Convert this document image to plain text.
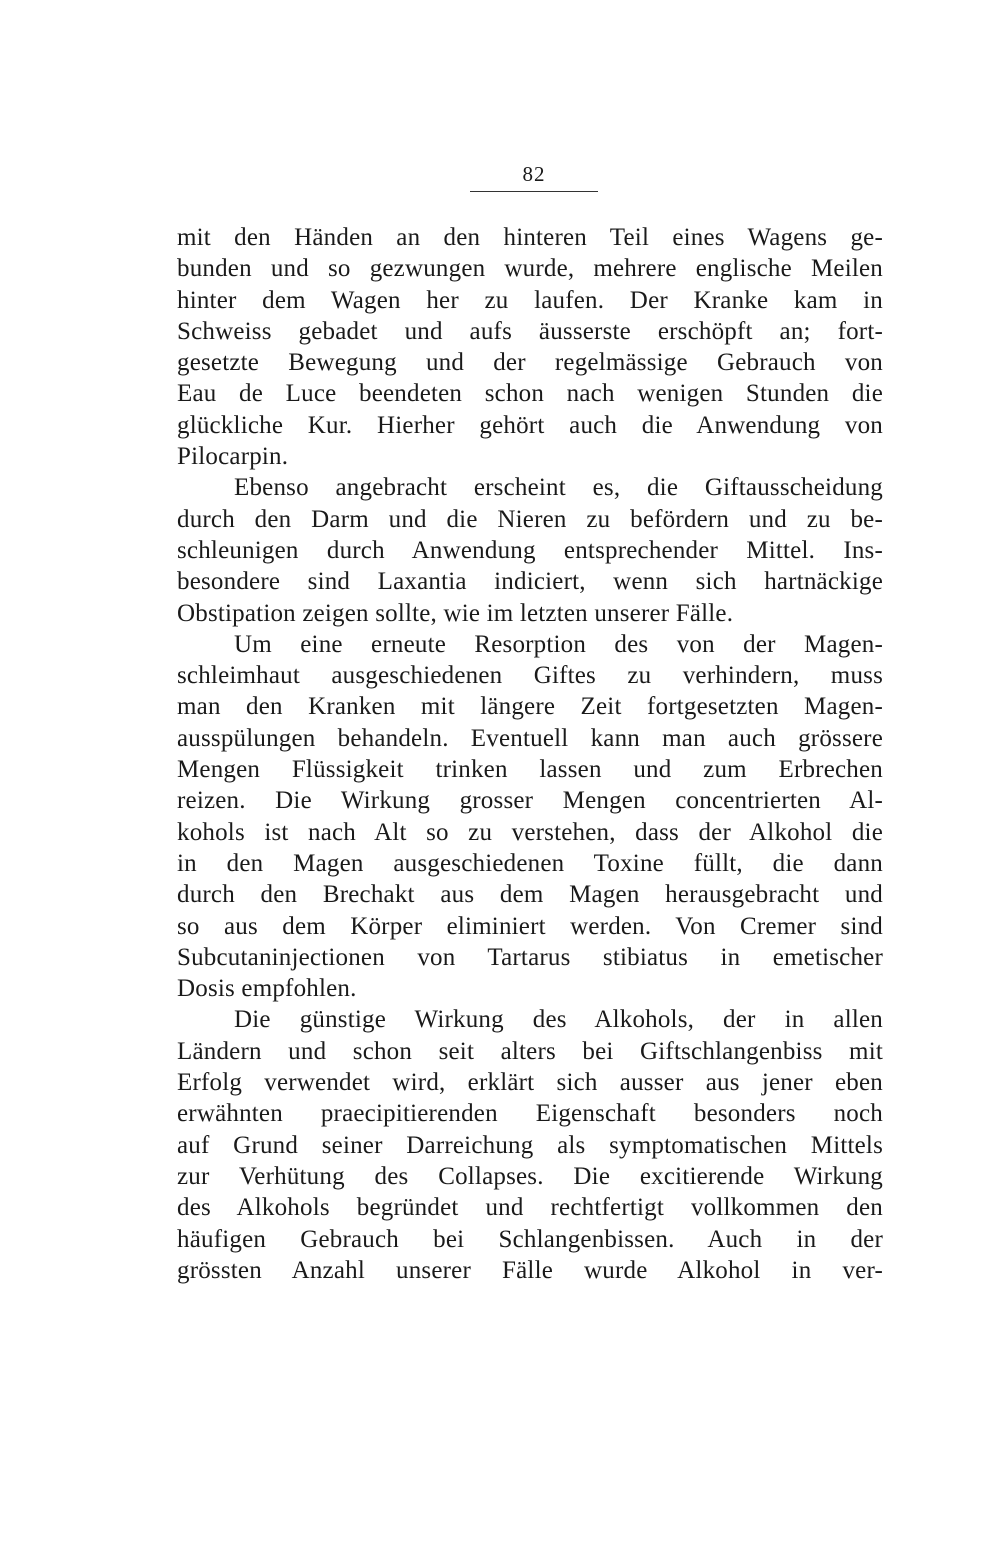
82
mit den Händen an den hinteren Teil eines Wagens ge-
bunden und so gezwungen wurde, mehrere englische Meilen
hinter dem Wagen her zu laufen. Der Kranke kam in
Schweiss gebadet und aufs äusserste erschöpft an; fort-
gesetzte Bewegung und der regelmässige Gebrauch von
Eau de Luce beendeten schon nach wenigen Stunden die
glückliche Kur. Hierher gehört auch die Anwendung von
Pilocarpin.
Ebenso angebracht erscheint es, die Giftausscheidung
durch den Darm und die Nieren zu befördern und zu be-
schleunigen durch Anwendung entsprechender Mittel. Ins-
besondere sind Laxantia indiciert, wenn sich hartnäckige
Obstipation zeigen sollte, wie im letzten unserer Fälle.
Um eine erneute Resorption des von der Magen-
schleimhaut ausgeschiedenen Giftes zu verhindern, muss
man den Kranken mit längere Zeit fortgesetzten Magen-
ausspülungen behandeln. Eventuell kann man auch grössere
Mengen Flüssigkeit trinken lassen und zum Erbrechen
reizen. Die Wirkung grosser Mengen concentrierten Al-
kohols ist nach Alt so zu verstehen, dass der Alkohol die
in den Magen ausgeschiedenen Toxine füllt, die dann
durch den Brechakt aus dem Magen herausgebracht und
so aus dem Körper eliminiert werden. Von Cremer sind
Subcutaninjectionen von Tartarus stibiatus in emetischer
Dosis empfohlen.
Die günstige Wirkung des Alkohols, der in allen
Ländern und schon seit alters bei Giftschlangenbiss mit
Erfolg verwendet wird, erklärt sich ausser aus jener eben
erwähnten praecipitierenden Eigenschaft besonders noch
auf Grund seiner Darreichung als symptomatischen Mittels
zur Verhütung des Collapses. Die excitierende Wirkung
des Alkohols begründet und rechtfertigt vollkommen den
häufigen Gebrauch bei Schlangenbissen. Auch in der
grössten Anzahl unserer Fälle wurde Alkohol in ver-
